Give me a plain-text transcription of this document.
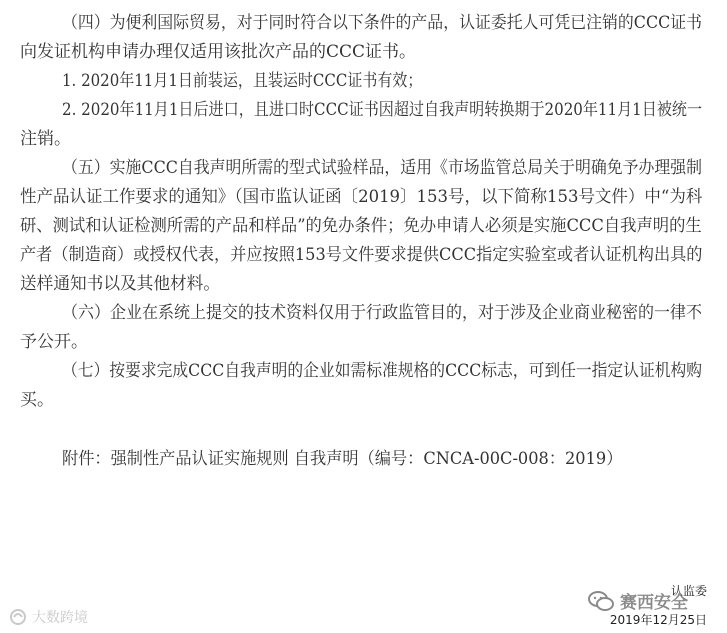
（四）为便利国际贸易，对于同时符合以下条件的产品，认证委托人可凭已注销的CCC证书
向发证机构申请办理仅适用该批次产品的CCC证书。
1. 2020年11月1日前装运，且装运时CCC证书有效；
2. 2020年11月1日后进口，且进口时CCC证书因超过自我声明转换期于2020年11月1日被统一
注销。
（五）实施CCC自我声明所需的型式试验样品，适用《市场监管总局关于明确免予办理强制
性产品认证工作要求的通知》（国市监认证函〔2019〕153号，以下简称153号文件）中“为科
研、测试和认证检测所需的产品和样品”的免办条件；免办申请人必须是实施CCC自我声明的生
产者（制造商）或授权代表，并应按照153号文件要求提供CCC指定实验室或者认证机构出具的
送样通知书以及其他材料。
（六）企业在系统上提交的技术资料仅用于行政监管目的，对于涉及企业商业秘密的一律不
予公开。
（七）按要求完成CCC自我声明的企业如需标准规格的CCC标志，可到任一指定认证机构购
买。
附件：强制性产品认证实施规则 自我声明（编号：CNCA-00C-008：2019）
认监委
2019年12月25日
大数跨境
赛西安全
